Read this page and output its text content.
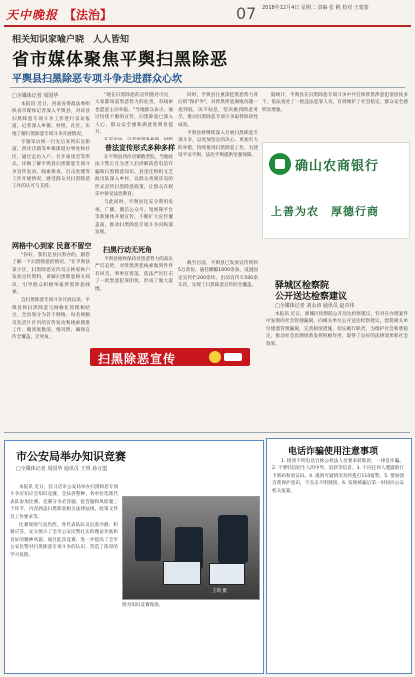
天中晚报 【法治】	07 2018年12月4日 星期二 责编 张 帆 校对 王蒙蒙
相关知识家喻户晓　人人皆知
省市媒体聚焦平舆扫黑除恶
平舆县扫黑除恶专项斗争走进群众心坎
□全媒体记者 周国华

本报讯 近日，河南省委政法委组织省市媒体记者深入平舆县，对该县扫黑除恶专项斗争工作进行采访报道。记者深入乡镇、村组、社区，实地了解扫黑除恶专项斗争开展情况。

专题采访组一行先后来到东皇街道、西洋店镇等乡镇街道办事处和社区，通过走访入户、召开座谈会等形式，详细了解平舆县扫黑除恶专项斗争宣传发动、线索排查、打击处理等工作开展情况，感受群众对扫黑除恶工作的认可与支持。

网格中心到家 民意不留空

"你好，我们是县扫黑办的，跟您了解一下扫黑除恶的情况。"在平舆县某小区，扫黑除恶宣传员正挨家挨户发放宣传资料，讲解扫黑除恶相关知识，引导群众积极举报涉黑涉恶线索。

自扫黑除恶专项斗争开展以来，平舆县将扫黑除恶与网格化管理相结合，全县划分为若干网格，每名网格员负责片区内的宣传发动和线索摸排工作，做到底数清、情况明，确保宣传全覆盖、无死角。

"现在扫黑除恶的宣传随处可见，大家都知道黑恶势力的危害，有线索也愿意主动举报。"当地群众表示，通过持续不断的宣传，扫黑除恶已深入人心，群众安全感和满意度明显提升。

普法宣传形式多种多样

在平舆县西洋店镇敬老院，当地政法干警正在为老人们讲解防范电信诈骗和扫黑除恶知识。县里还组织文艺演出队深入乡村，以群众喜闻乐见的形式宣传扫黑除恶政策，让群众在娱乐中接受法治教育。

与此同时，平舆县还充分利用电视、广播、微信公众号、短视频平台等新媒体开展宣传，不断扩大宣传覆盖面，推动扫黑除恶专项斗争向纵深发展。

扫黑行动无死角

平舆县始终保持对黑恶势力的高压严打态势，对涉黑涉恶线索做到件件有回音、事事有着落，依法严厉打击了一批黑恶犯罪团伙，形成了强大震慑。

同时，平舆县注重深挖黑恶势力背后的"保护伞"，对涉黑涉恶腐败问题一查到底，决不姑息，坚决做到除恶务尽，推动扫黑除恶专项斗争取得阶段性成效。

平舆县将继续深入开展扫黑除恶专项斗争，以更加坚定的决心、更加有力的举措，持续推进扫黑除恶工作，为建设平安平舆、法治平舆提供坚强保障。

据统计，平舆县在扫黑除恶专项斗争中共打掉涉黑涉恶犯罪团伙多个，依法查处了一批违法犯罪人员，有效维护了社会稳定，群众安全感明显增强。

确山农商银行
上善为农　厚德行商
驿城区检察院
公开送达检察建议
□全媒体记者 刘永涛 通讯员 赵卓伟

本报讯 近日，驿城区检察院公开送达检察建议，针对在办理案件中发现的社会管理漏洞，向相关单位公开送达检察建议，督促相关单位堵塞管理漏洞，完善制度措施，切实履行职责，为维护社会和谐稳定、推动社会治理创新发挥积极作用，取得了良好的法律效果和社会效果。

截至目前，平舆县已发放宣传资料5万余份，悬挂横幅1000余条，设置固定宣传栏200余块，出动宣传车500余车次，实现了扫黑除恶宣传的全覆盖。

扫黑除恶宣传
市公安局举办知识竞赛
□全媒体记者 周国华 通讯员 王琪 孙万盟

本报讯 近日，驻马店市公安局举办扫黑除恶专项斗争应知应会知识竞赛，全局各警种、各单位选派代表队参加比赛。竞赛分为必答题、抢答题和风险题三个环节，内容涵盖扫黑除恶相关法律法规、政策文件及工作要求等。

比赛现场气氛热烈，各代表队队员沉着冷静、积极应答，充分展示了全市公安民警扎实的理论功底和良好的精神风貌。通过此次竞赛，进一步提高了全市公安民警对扫黑除恶专项斗争的认识，营造了浓厚的学习氛围。

王琪 摄
图为知识竞赛现场。
电话诈骗使用注意事项

1. 接到不明电话自称公检法人员要求转账的，一律是诈骗。2. 不要轻信陌生人的中奖、退款等信息。3. 不向任何人透露银行卡密码和验证码。4. 遇到可疑情况及时拨打110报警。5. 要加强自我保护意识，不点击不明链接。6. 发现被骗后第一时间向公安机关报案。
